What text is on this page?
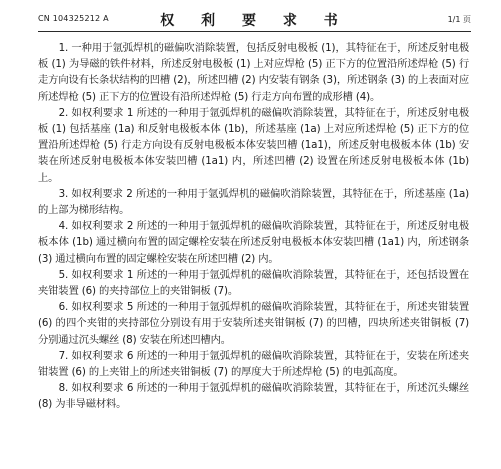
CN 104325212 A	权 利 要 求 书	1/1 页

1. 一种用于氩弧焊机的磁偏吹消除装置，包括反射电极板 (1)，其特征在于，所述反射电极板 (1) 为导磁的铁件材料，所述反射电极板 (1) 上对应焊枪 (5) 正下方的位置沿所述焊枪 (5) 行走方向设有长条状结构的凹槽 (2)，所述凹槽 (2) 内安装有钢条 (3)，所述钢条 (3) 的上表面对应所述焊枪 (5) 正下方的位置设有沿所述焊枪 (5) 行走方向布置的成形槽 (4)。

2. 如权利要求 1 所述的一种用于氩弧焊机的磁偏吹消除装置，其特征在于，所述反射电极板 (1) 包括基座 (1a) 和反射电极板本体 (1b)，所述基座 (1a) 上对应所述焊枪 (5) 正下方的位置沿所述焊枪 (5) 行走方向设有反射电极板本体安装凹槽 (1a1)，所述反射电极板本体 (1b) 安装在所述反射电极板本体安装凹槽 (1a1) 内，所述凹槽 (2) 设置在所述反射电极板本体 (1b) 上。

3. 如权利要求 2 所述的一种用于氩弧焊机的磁偏吹消除装置，其特征在于，所述基座 (1a) 的上部为梯形结构。

4. 如权利要求 2 所述的一种用于氩弧焊机的磁偏吹消除装置，其特征在于，所述反射电极板本体 (1b) 通过横向布置的固定螺栓安装在所述反射电极板本体安装凹槽 (1a1) 内，所述钢条 (3) 通过横向布置的固定螺栓安装在所述凹槽 (2) 内。

5. 如权利要求 1 所述的一种用于氩弧焊机的磁偏吹消除装置，其特征在于，还包括设置在夹钳装置 (6) 的夹持部位上的夹钳铜板 (7)。

6. 如权利要求 5 所述的一种用于氩弧焊机的磁偏吹消除装置，其特征在于，所述夹钳装置 (6) 的四个夹钳的夹持部位分别设有用于安装所述夹钳铜板 (7) 的凹槽，四块所述夹钳铜板 (7) 分别通过沉头螺丝 (8) 安装在所述凹槽内。

7. 如权利要求 6 所述的一种用于氩弧焊机的磁偏吹消除装置，其特征在于，安装在所述夹钳装置 (6) 的上夹钳上的所述夹钳铜板 (7) 的厚度大于所述焊枪 (5) 的电弧高度。

8. 如权利要求 6 所述的一种用于氩弧焊机的磁偏吹消除装置，其特征在于，所述沉头螺丝 (8) 为非导磁材料。
